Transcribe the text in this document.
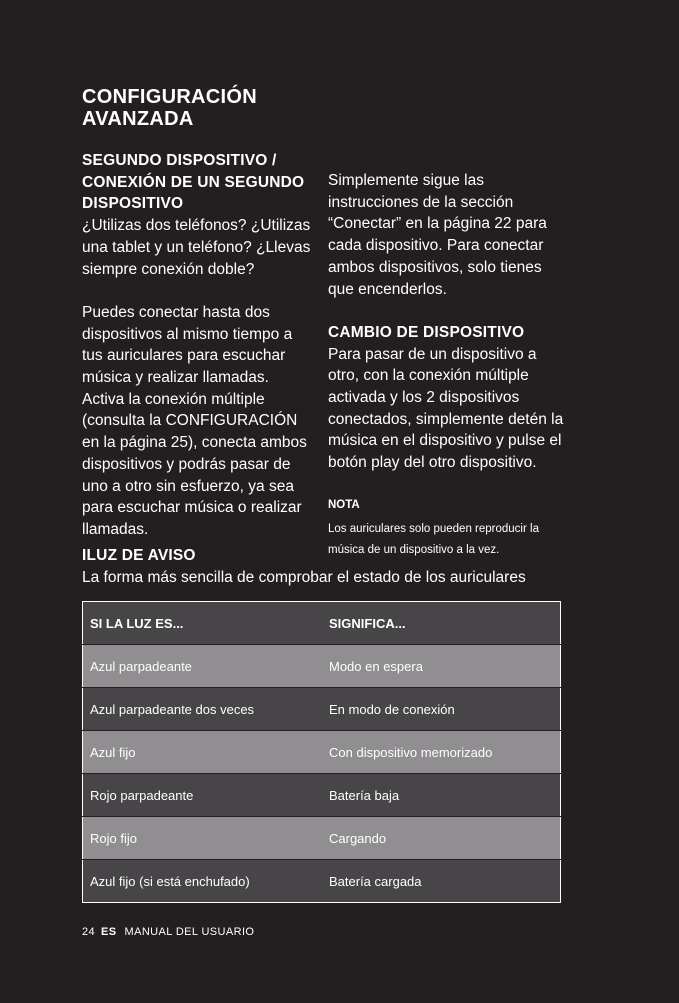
CONFIGURACIÓN AVANZADA
SEGUNDO DISPOSITIVO / CONEXIÓN DE UN SEGUNDO DISPOSITIVO

¿Utilizas dos teléfonos? ¿Utilizas una tablet y un teléfono? ¿Llevas siempre conexión doble?

Puedes conectar hasta dos dispositivos al mismo tiempo a tus auriculares para escuchar música y realizar llamadas. Activa la conexión múltiple (consulta la CONFIGURACIÓN en la página 25), conecta ambos dispositivos y podrás pasar de uno a otro sin esfuerzo, ya sea para escuchar música o realizar llamadas.

Simplemente sigue las instrucciones de la sección “Conectar” en la página 22 para cada dispositivo. Para conectar ambos dispositivos, solo tienes que encenderlos.

CAMBIO DE DISPOSITIVO

Para pasar de un dispositivo a otro, con la conexión múltiple activada y los 2 dispositivos conectados, simplemente detén la música en el dispositivo y pulse el botón play del otro dispositivo.

NOTA
Los auriculares solo pueden reproducir la música de un dispositivo a la vez.
ILUZ DE AVISO
La forma más sencilla de comprobar el estado de los auriculares
SI LA LUZ ES...	SIGNIFICA...
Azul parpadeante	Modo en espera
Azul parpadeante dos veces	En modo de conexión
Azul fijo	Con dispositivo memorizado
Rojo parpadeante	Batería baja
Rojo fijo	Cargando
Azul fijo (si está enchufado)	Batería cargada
24 ES MANUAL DEL USUARIO
